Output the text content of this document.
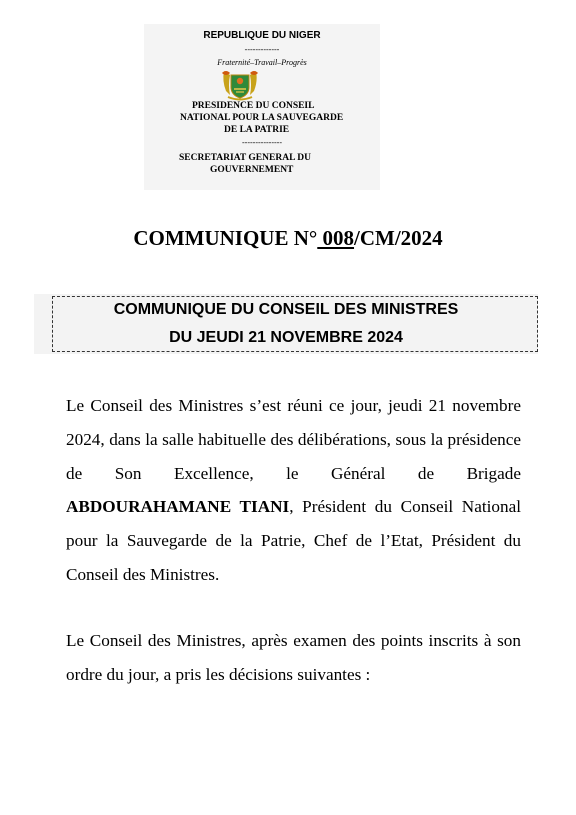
REPUBLIQUE DU NIGER
-------------
Fraternité–Travail–Progrès
PRESIDENCE DU CONSEIL
NATIONAL POUR LA SAUVEGARDE
DE LA PATRIE
---------------
SECRETARIAT GENERAL DU
GOUVERNEMENT
COMMUNIQUE N° 008/CM/2024
COMMUNIQUE DU CONSEIL DES MINISTRES
DU JEUDI 21 NOVEMBRE 2024
Le Conseil des Ministres s’est réuni ce jour, jeudi 21 novembre 2024, dans la salle habituelle des délibérations, sous la présidence de Son Excellence, le Général de Brigade ABDOURAHAMANE TIANI, Président du Conseil National pour la Sauvegarde de la Patrie, Chef de l’Etat, Président du Conseil des Ministres.
Le Conseil des Ministres, après examen des points inscrits à son ordre du jour, a pris les décisions suivantes :
